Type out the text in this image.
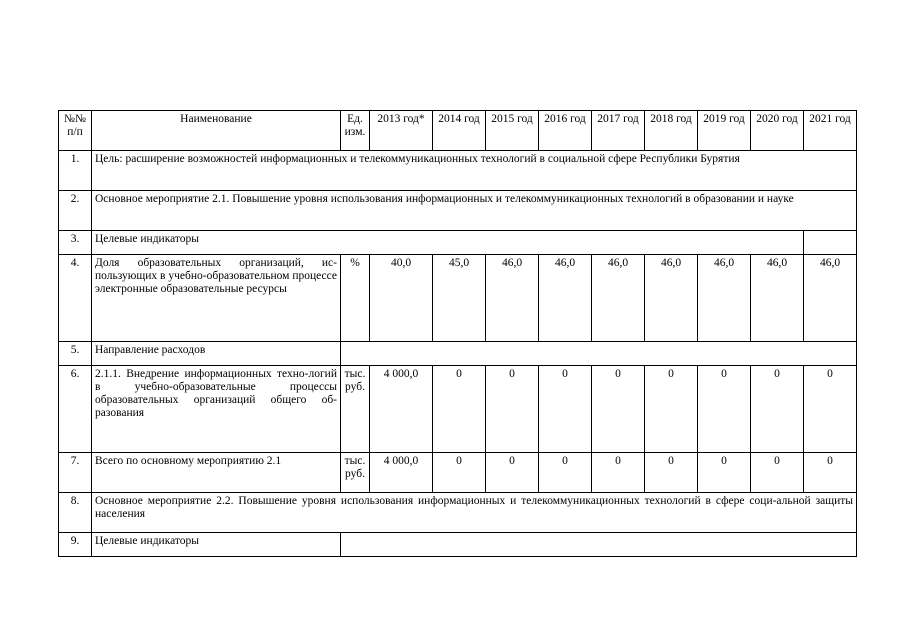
№№ п/п	Наименование	Ед. изм.	2013 год*	2014 год	2015 год	2016 год	2017 год	2018 год	2019 год	2020 год	2021 год
1.	Цель: расширение возможностей информационных и телекоммуникационных технологий в социальной сфере Республики Бурятия										
2.	Основное мероприятие 2.1. Повышение уровня использования информационных и телекоммуникационных технологий в образовании и науке										
3.	Целевые индикаторы										
4.	Доля образовательных организаций, ис-пользующих в учебно-образовательном процессе электронные образовательные ресурсы	%	40,0	45,0	46,0	46,0	46,0	46,0	46,0	46,0	46,0
5.	Направление расходов										
6.	2.1.1. Внедрение информационных техно-логий в учебно-образовательные процессы образовательных организаций общего об-разования	тыс. руб.	4 000,0	0	0	0	0	0	0	0	0
7.	Всего по основному мероприятию 2.1	тыс. руб.	4 000,0	0	0	0	0	0	0	0	0
8.	Основное мероприятие 2.2. Повышение уровня использования информационных и телекоммуникационных технологий в сфере соци-альной защиты населения										
9.	Целевые индикаторы										
